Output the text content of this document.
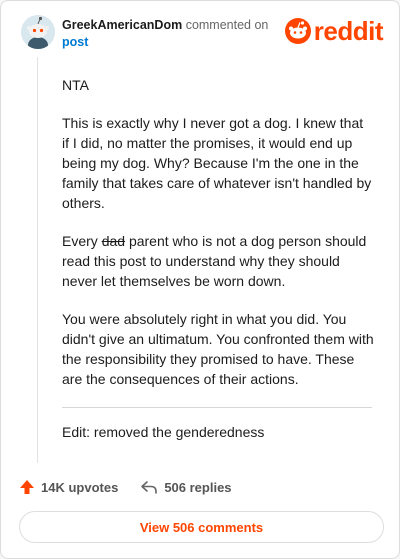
GreekAmericanDom commented on
post	reddit

NTA

This is exactly why I never got a dog. I knew that if I did, no matter the promises, it would end up being my dog. Why? Because I'm the one in the family that takes care of whatever isn't handled by others.

Every dad parent who is not a dog person should read this post to understand why they should never let themselves be worn down.

You were absolutely right in what you did. You didn't give an ultimatum. You confronted them with the responsibility they promised to have. These are the consequences of their actions.

Edit: removed the genderedness

14K upvotes	506 replies
View 506 comments
